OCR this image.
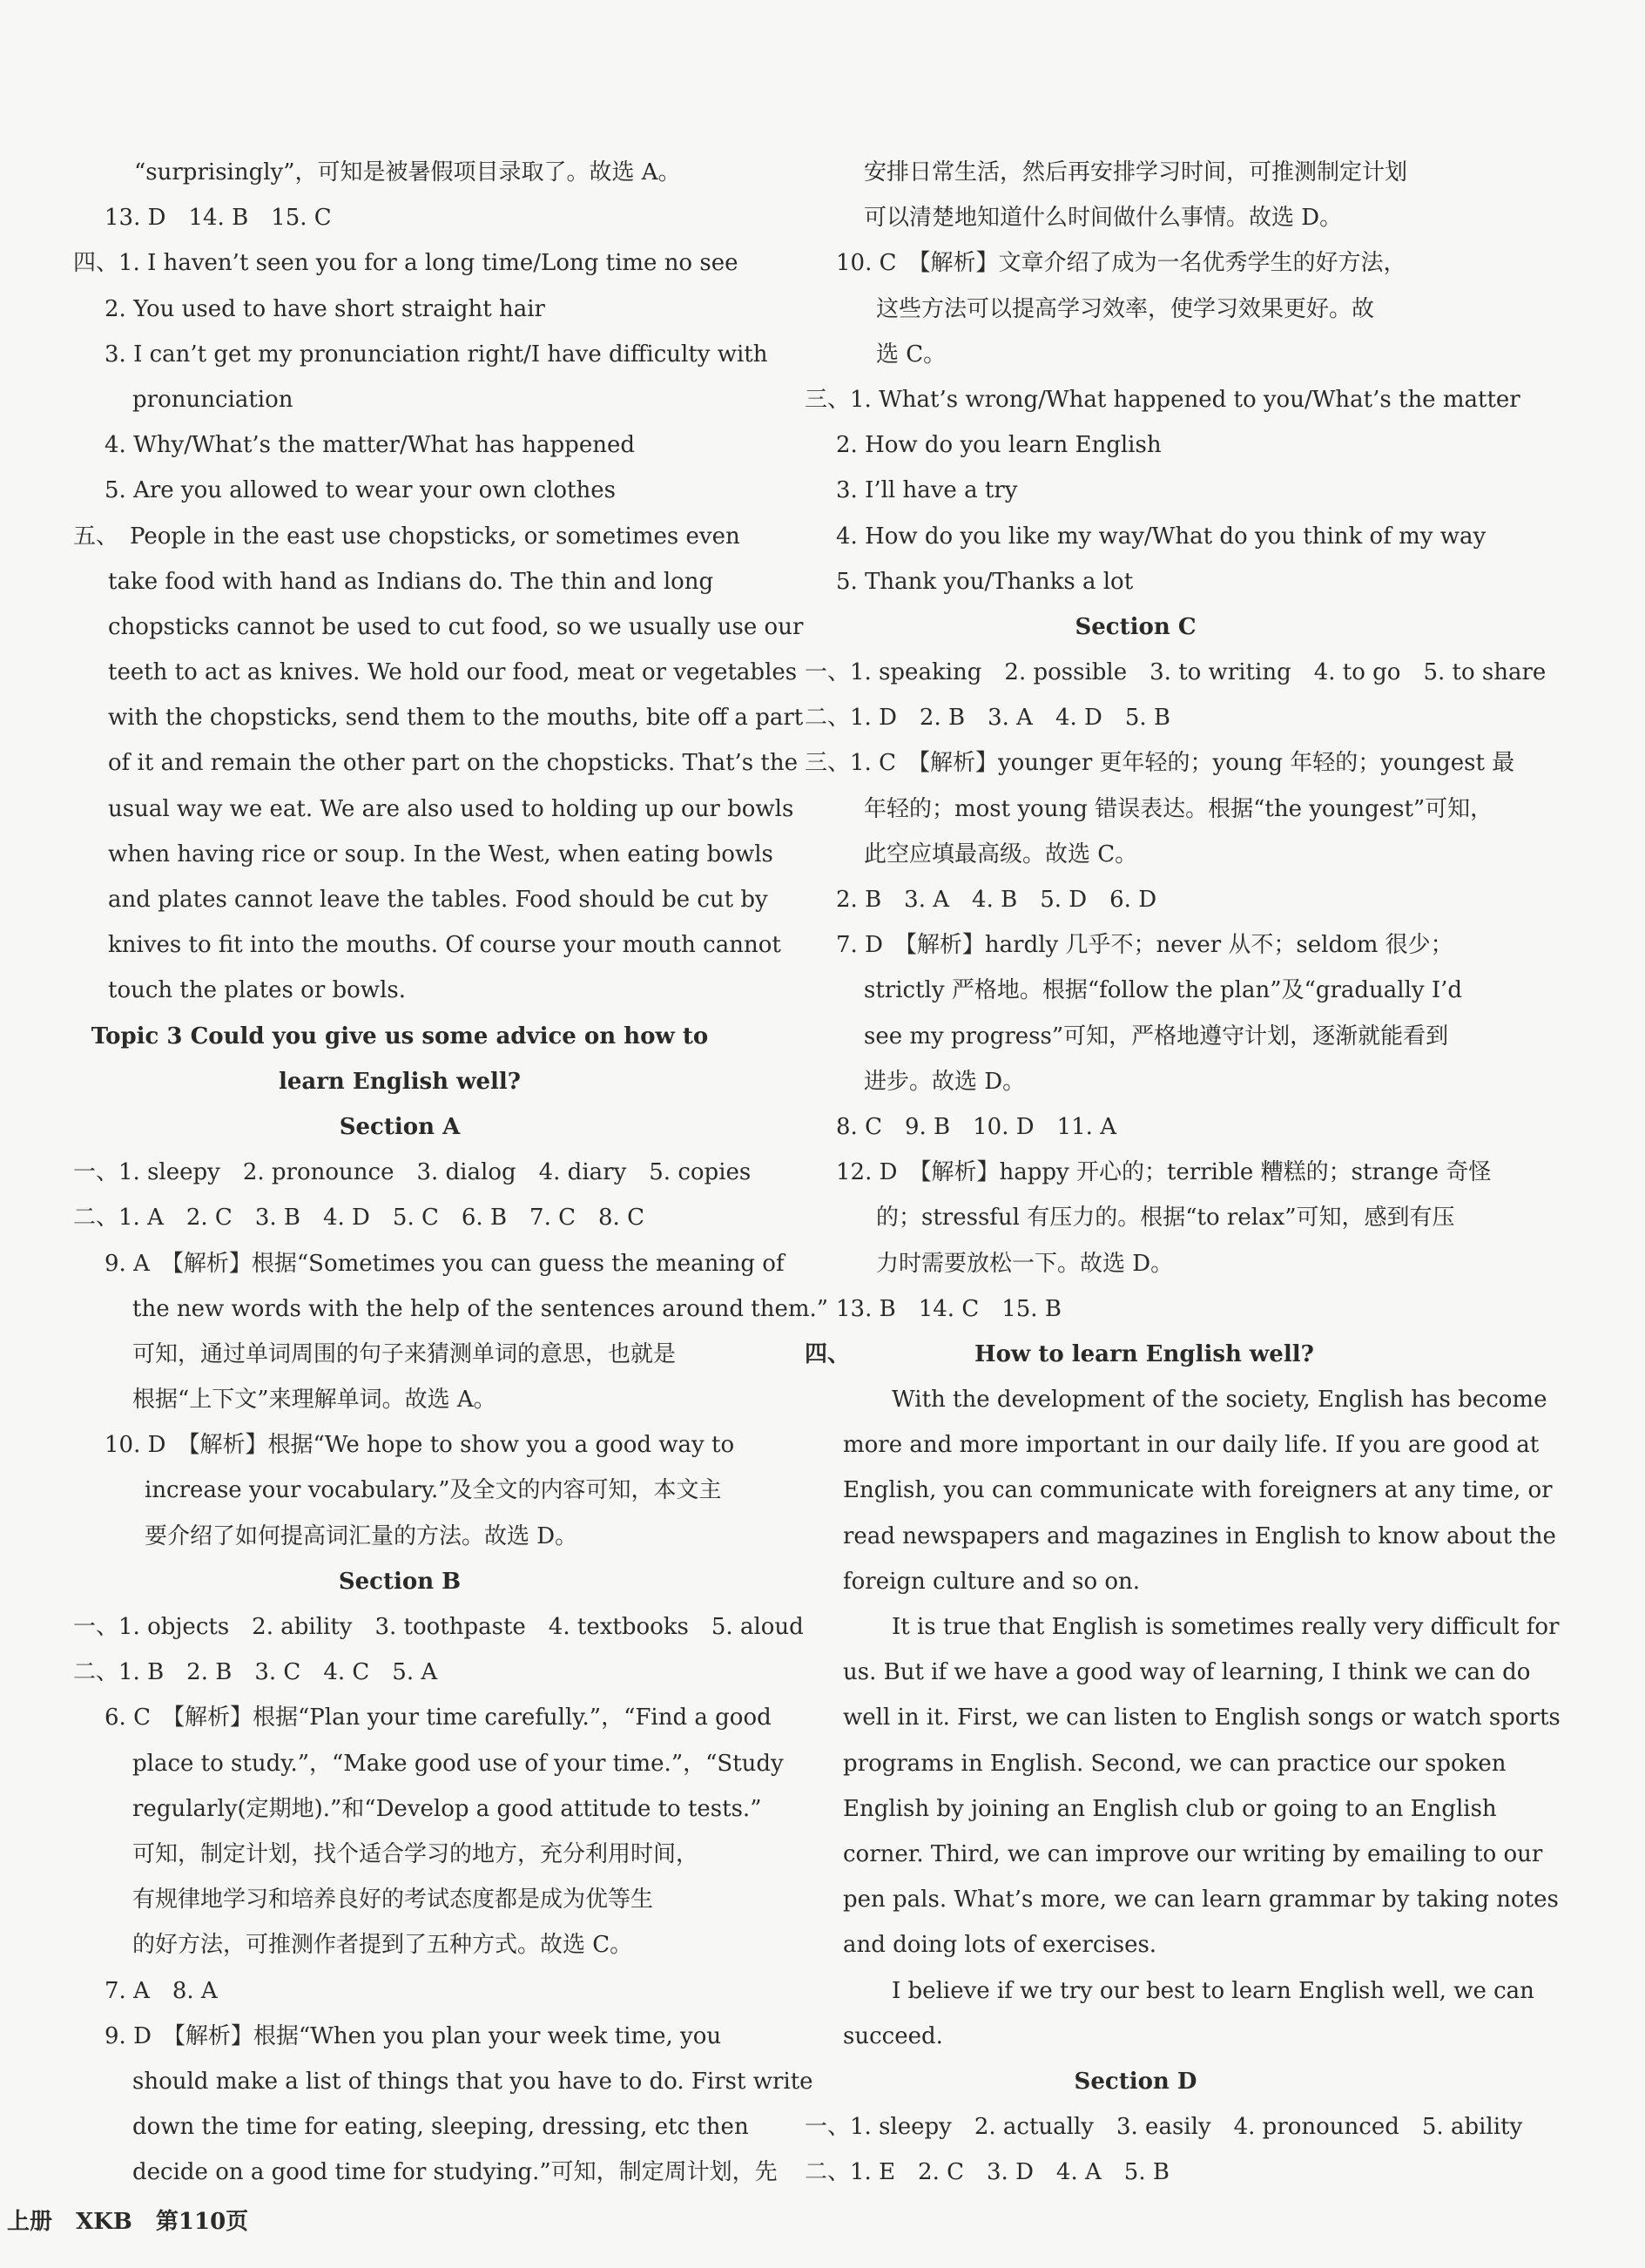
“surprisingly”，可知是被暑假项目录取了。故选 A。
13. D　14. B　15. C
四、1. I haven’t seen you for a long time/Long time no see
2. You used to have short straight hair
3. I can’t get my pronunciation right/I have difficulty with
pronunciation
4. Why/What’s the matter/What has happened
5. Are you allowed to wear your own clothes
五、　People in the east use chopsticks, or sometimes even
take food with hand as Indians do. The thin and long
chopsticks cannot be used to cut food, so we usually use our
teeth to act as knives. We hold our food, meat or vegetables
with the chopsticks, send them to the mouths, bite off a part
of it and remain the other part on the chopsticks. That’s the
usual way we eat. We are also used to holding up our bowls
when having rice or soup. In the West, when eating bowls
and plates cannot leave the tables. Food should be cut by
knives to fit into the mouths. Of course your mouth cannot
touch the plates or bowls.
Topic 3 Could you give us some advice on how to
learn English well?
Section A
一、1. sleepy　2. pronounce　3. dialog　4. diary　5. copies
二、1. A　2. C　3. B　4. D　5. C　6. B　7. C　8. C
9. A　【解析】根据“Sometimes you can guess the meaning of
the new words with the help of the sentences around them.”
可知，通过单词周围的句子来猜测单词的意思，也就是
根据“上下文”来理解单词。故选 A。
10. D　【解析】根据“We hope to show you a good way to
increase your vocabulary.”及全文的内容可知，本文主
要介绍了如何提高词汇量的方法。故选 D。
Section B
一、1. objects　2. ability　3. toothpaste　4. textbooks　5. aloud
二、1. B　2. B　3. C　4. C　5. A
6. C　【解析】根据“Plan your time carefully.”，“Find a good
place to study.”，“Make good use of your time.”，“Study
regularly(定期地).”和“Develop a good attitude to tests.”
可知，制定计划，找个适合学习的地方，充分利用时间，
有规律地学习和培养良好的考试态度都是成为优等生
的好方法，可推测作者提到了五种方式。故选 C。
7. A　8. A
9. D　【解析】根据“When you plan your week time, you
should make a list of things that you have to do. First write
down the time for eating, sleeping, dressing, etc then
decide on a good time for studying.”可知，制定周计划，先
安排日常生活，然后再安排学习时间，可推测制定计划
可以清楚地知道什么时间做什么事情。故选 D。
10. C　【解析】文章介绍了成为一名优秀学生的好方法，
这些方法可以提高学习效率，使学习效果更好。故
选 C。
三、1. What’s wrong/What happened to you/What’s the matter
2. How do you learn English
3. I’ll have a try
4. How do you like my way/What do you think of my way
5. Thank you/Thanks a lot
Section C
一、1. speaking　2. possible　3. to writing　4. to go　5. to share
二、1. D　2. B　3. A　4. D　5. B
三、1. C　【解析】younger 更年轻的；young 年轻的；youngest 最
年轻的；most young 错误表达。根据“the youngest”可知，
此空应填最高级。故选 C。
2. B　3. A　4. B　5. D　6. D
7. D　【解析】hardly 几乎不；never 从不；seldom 很少；
strictly 严格地。根据“follow the plan”及“gradually I’d
see my progress”可知，严格地遵守计划，逐渐就能看到
进步。故选 D。
8. C　9. B　10. D　11. A
12. D　【解析】happy 开心的；terrible 糟糕的；strange 奇怪
的；stressful 有压力的。根据“to relax”可知，感到有压
力时需要放松一下。故选 D。
13. B　14. C　15. B
四、　　　　　　How to learn English well?
With the development of the society, English has become
more and more important in our daily life. If you are good at
English, you can communicate with foreigners at any time, or
read newspapers and magazines in English to know about the
foreign culture and so on.
It is true that English is sometimes really very difficult for
us. But if we have a good way of learning, I think we can do
well in it. First, we can listen to English songs or watch sports
programs in English. Second, we can practice our spoken
English by joining an English club or going to an English
corner. Third, we can improve our writing by emailing to our
pen pals. What’s more, we can learn grammar by taking notes
and doing lots of exercises.
I believe if we try our best to learn English well, we can
succeed.
Section D
一、1. sleepy　2. actually　3. easily　4. pronounced　5. ability
二、1. E　2. C　3. D　4. A　5. B
上册 XKB 第110页
